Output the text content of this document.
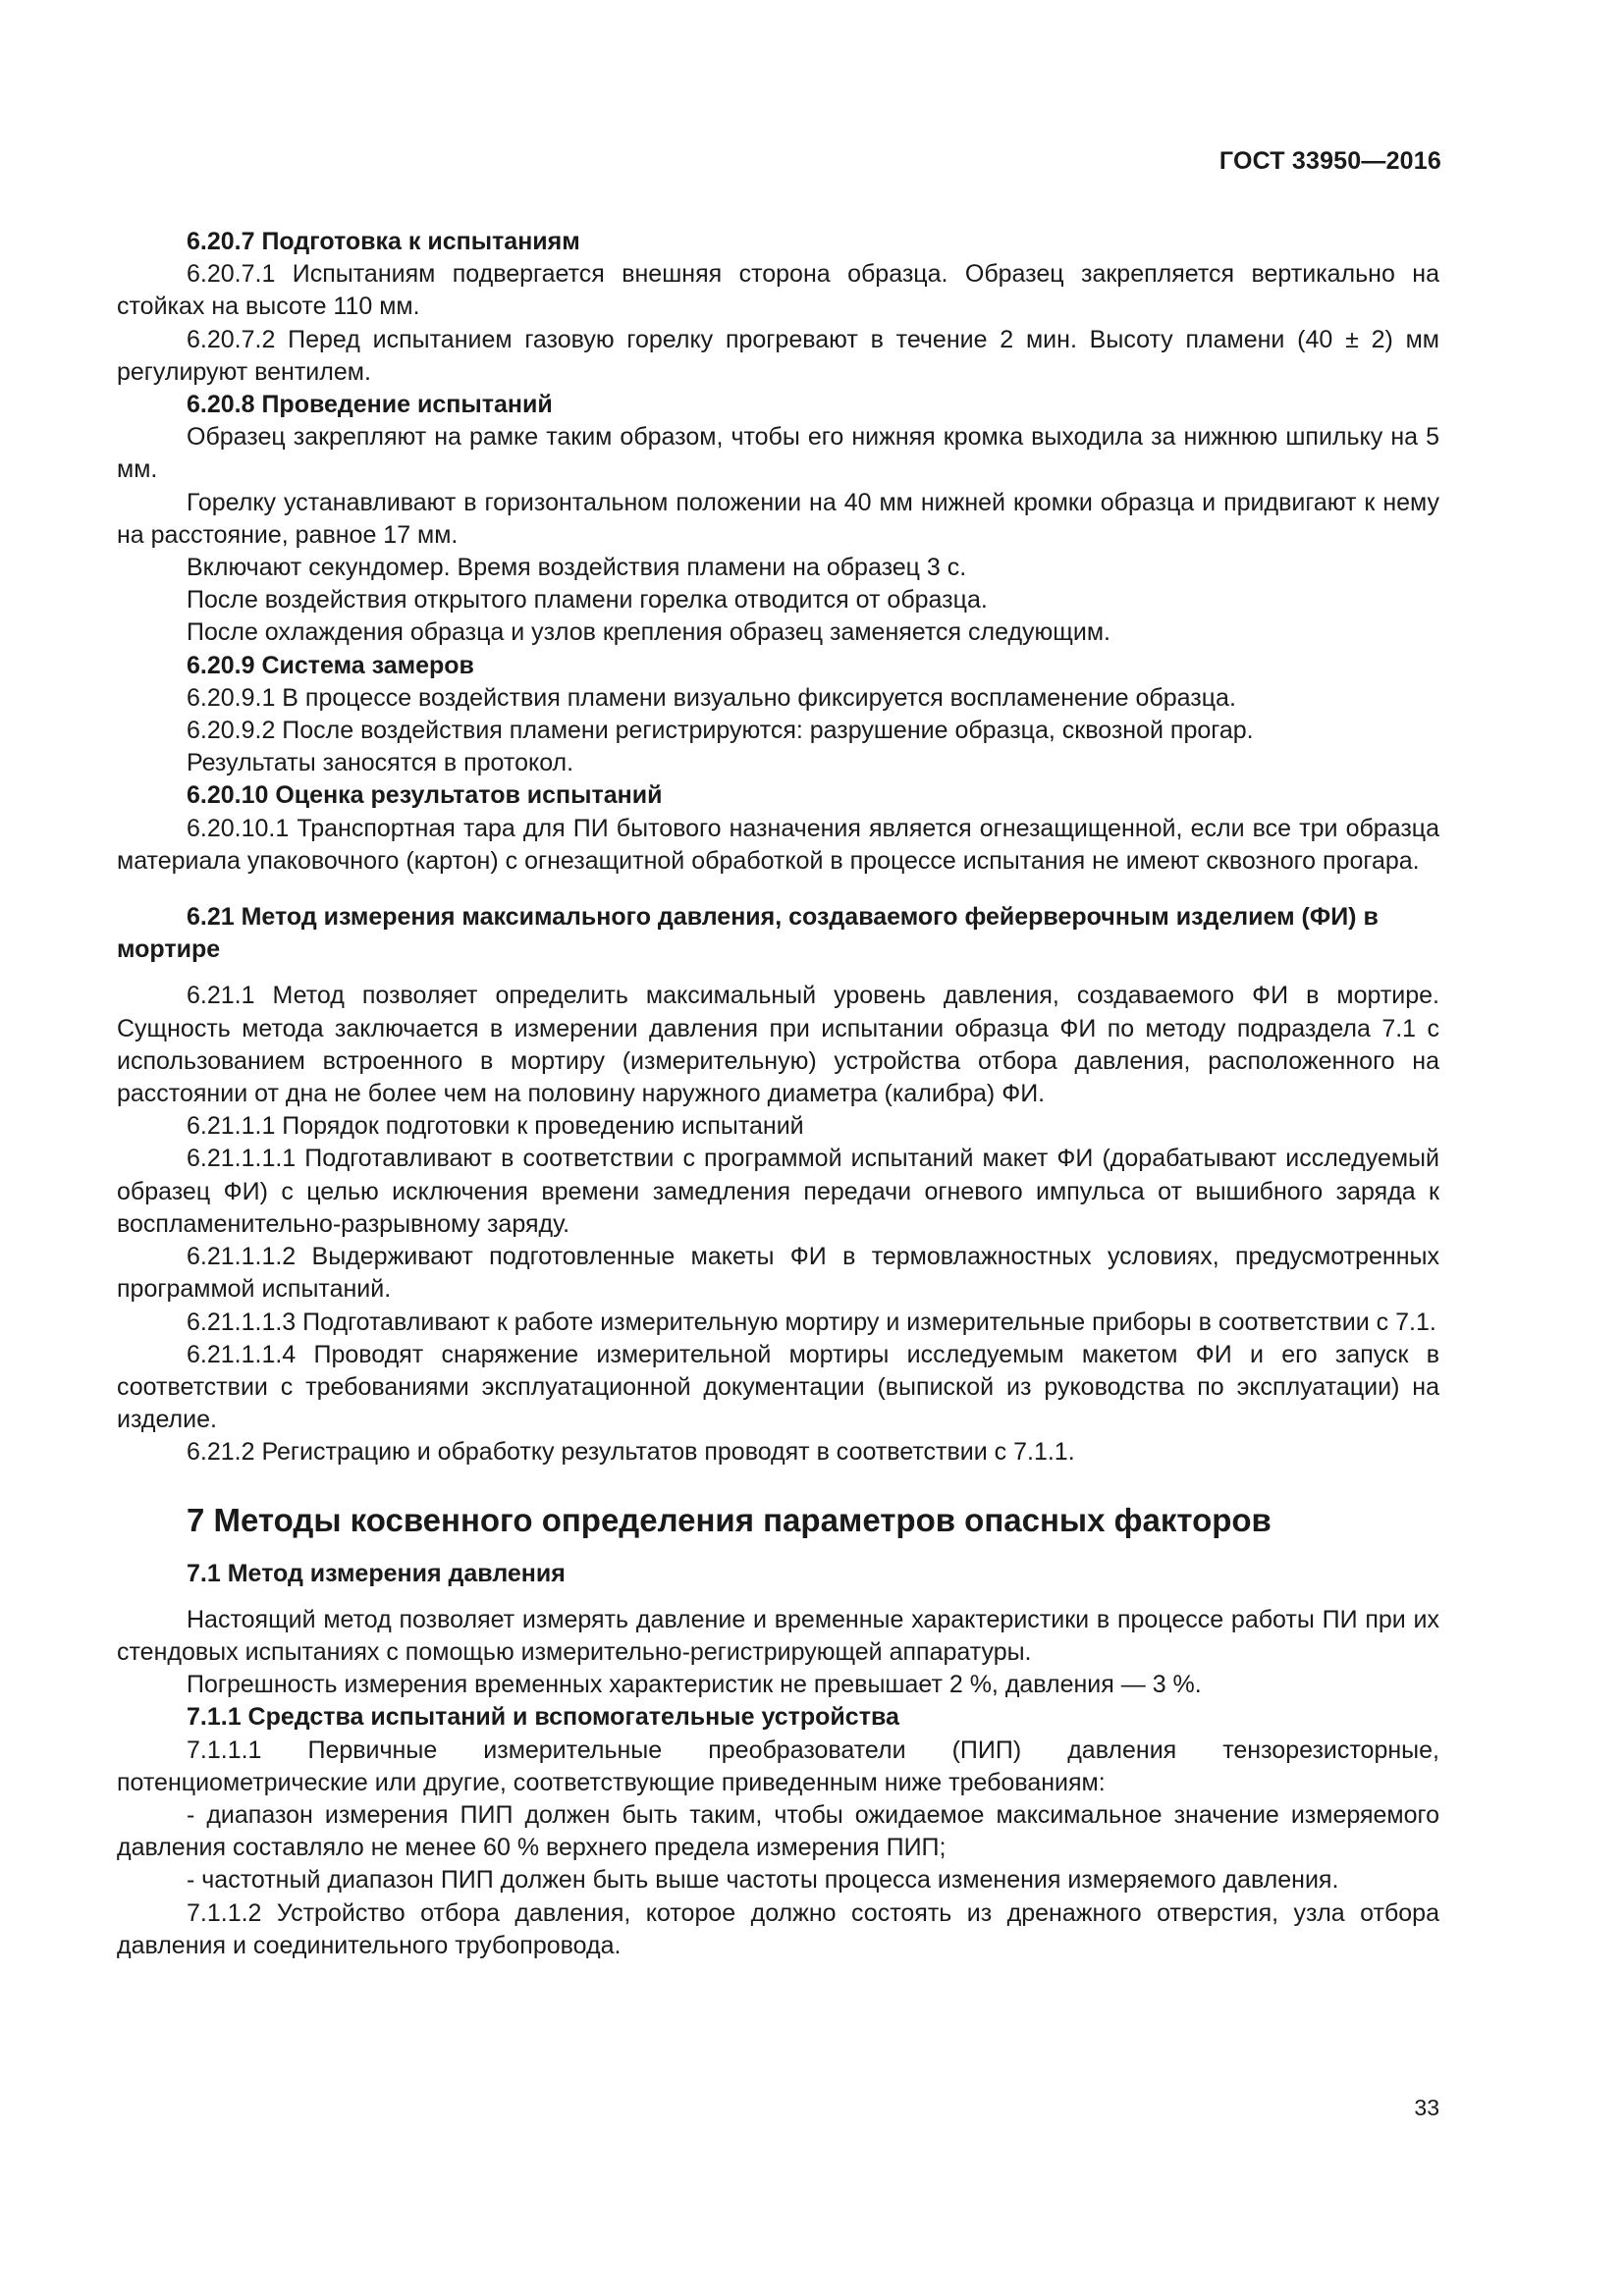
ГОСТ 33950—2016

6.20.7 Подготовка к испытаниям

6.20.7.1 Испытаниям подвергается внешняя сторона образца. Образец закрепляется вертикально на стойках на высоте 110 мм.

6.20.7.2 Перед испытанием газовую горелку прогревают в течение 2 мин. Высоту пламени (40 ± 2) мм регулируют вентилем.

6.20.8 Проведение испытаний

Образец закрепляют на рамке таким образом, чтобы его нижняя кромка выходила за нижнюю шпильку на 5 мм.

Горелку устанавливают в горизонтальном положении на 40 мм нижней кромки образца и придвигают к нему на расстояние, равное 17 мм.

Включают секундомер. Время воздействия пламени на образец 3 с.

После воздействия открытого пламени горелка отводится от образца.

После охлаждения образца и узлов крепления образец заменяется следующим.

6.20.9 Система замеров

6.20.9.1 В процессе воздействия пламени визуально фиксируется воспламенение образца.

6.20.9.2 После воздействия пламени регистрируются: разрушение образца, сквозной прогар.

Результаты заносятся в протокол.

6.20.10 Оценка результатов испытаний

6.20.10.1 Транспортная тара для ПИ бытового назначения является огнезащищенной, если все три образца материала упаковочного (картон) с огнезащитной обработкой в процессе испытания не имеют сквозного прогара.

6.21 Метод измерения максимального давления, создаваемого фейерверочным изделием (ФИ) в мортире

6.21.1 Метод позволяет определить максимальный уровень давления, создаваемого ФИ в мортире. Сущность метода заключается в измерении давления при испытании образца ФИ по методу подраздела 7.1 с использованием встроенного в мортиру (измерительную) устройства отбора давления, расположенного на расстоянии от дна не более чем на половину наружного диаметра (калибра) ФИ.

6.21.1.1 Порядок подготовки к проведению испытаний

6.21.1.1.1 Подготавливают в соответствии с программой испытаний макет ФИ (дорабатывают исследуемый образец ФИ) с целью исключения времени замедления передачи огневого импульса от вышибного заряда к воспламенительно-разрывному заряду.

6.21.1.1.2 Выдерживают подготовленные макеты ФИ в термовлажностных условиях, предусмотренных программой испытаний.

6.21.1.1.3 Подготавливают к работе измерительную мортиру и измерительные приборы в соответствии с 7.1.

6.21.1.1.4 Проводят снаряжение измерительной мортиры исследуемым макетом ФИ и его запуск в соответствии с требованиями эксплуатационной документации (выпиской из руководства по эксплуатации) на изделие.

6.21.2 Регистрацию и обработку результатов проводят в соответствии с 7.1.1.

7 Методы косвенного определения параметров опасных факторов

7.1 Метод измерения давления

Настоящий метод позволяет измерять давление и временные характеристики в процессе работы ПИ при их стендовых испытаниях с помощью измерительно-регистрирующей аппаратуры.

Погрешность измерения временных характеристик не превышает 2 %, давления — 3 %.

7.1.1 Средства испытаний и вспомогательные устройства

7.1.1.1 Первичные измерительные преобразователи (ПИП) давления тензорезисторные, потенциометрические или другие, соответствующие приведенным ниже требованиям:

- диапазон измерения ПИП должен быть таким, чтобы ожидаемое максимальное значение измеряемого давления составляло не менее 60 % верхнего предела измерения ПИП;

- частотный диапазон ПИП должен быть выше частоты процесса изменения измеряемого давления.

7.1.1.2 Устройство отбора давления, которое должно состоять из дренажного отверстия, узла отбора давления и соединительного трубопровода.

33
